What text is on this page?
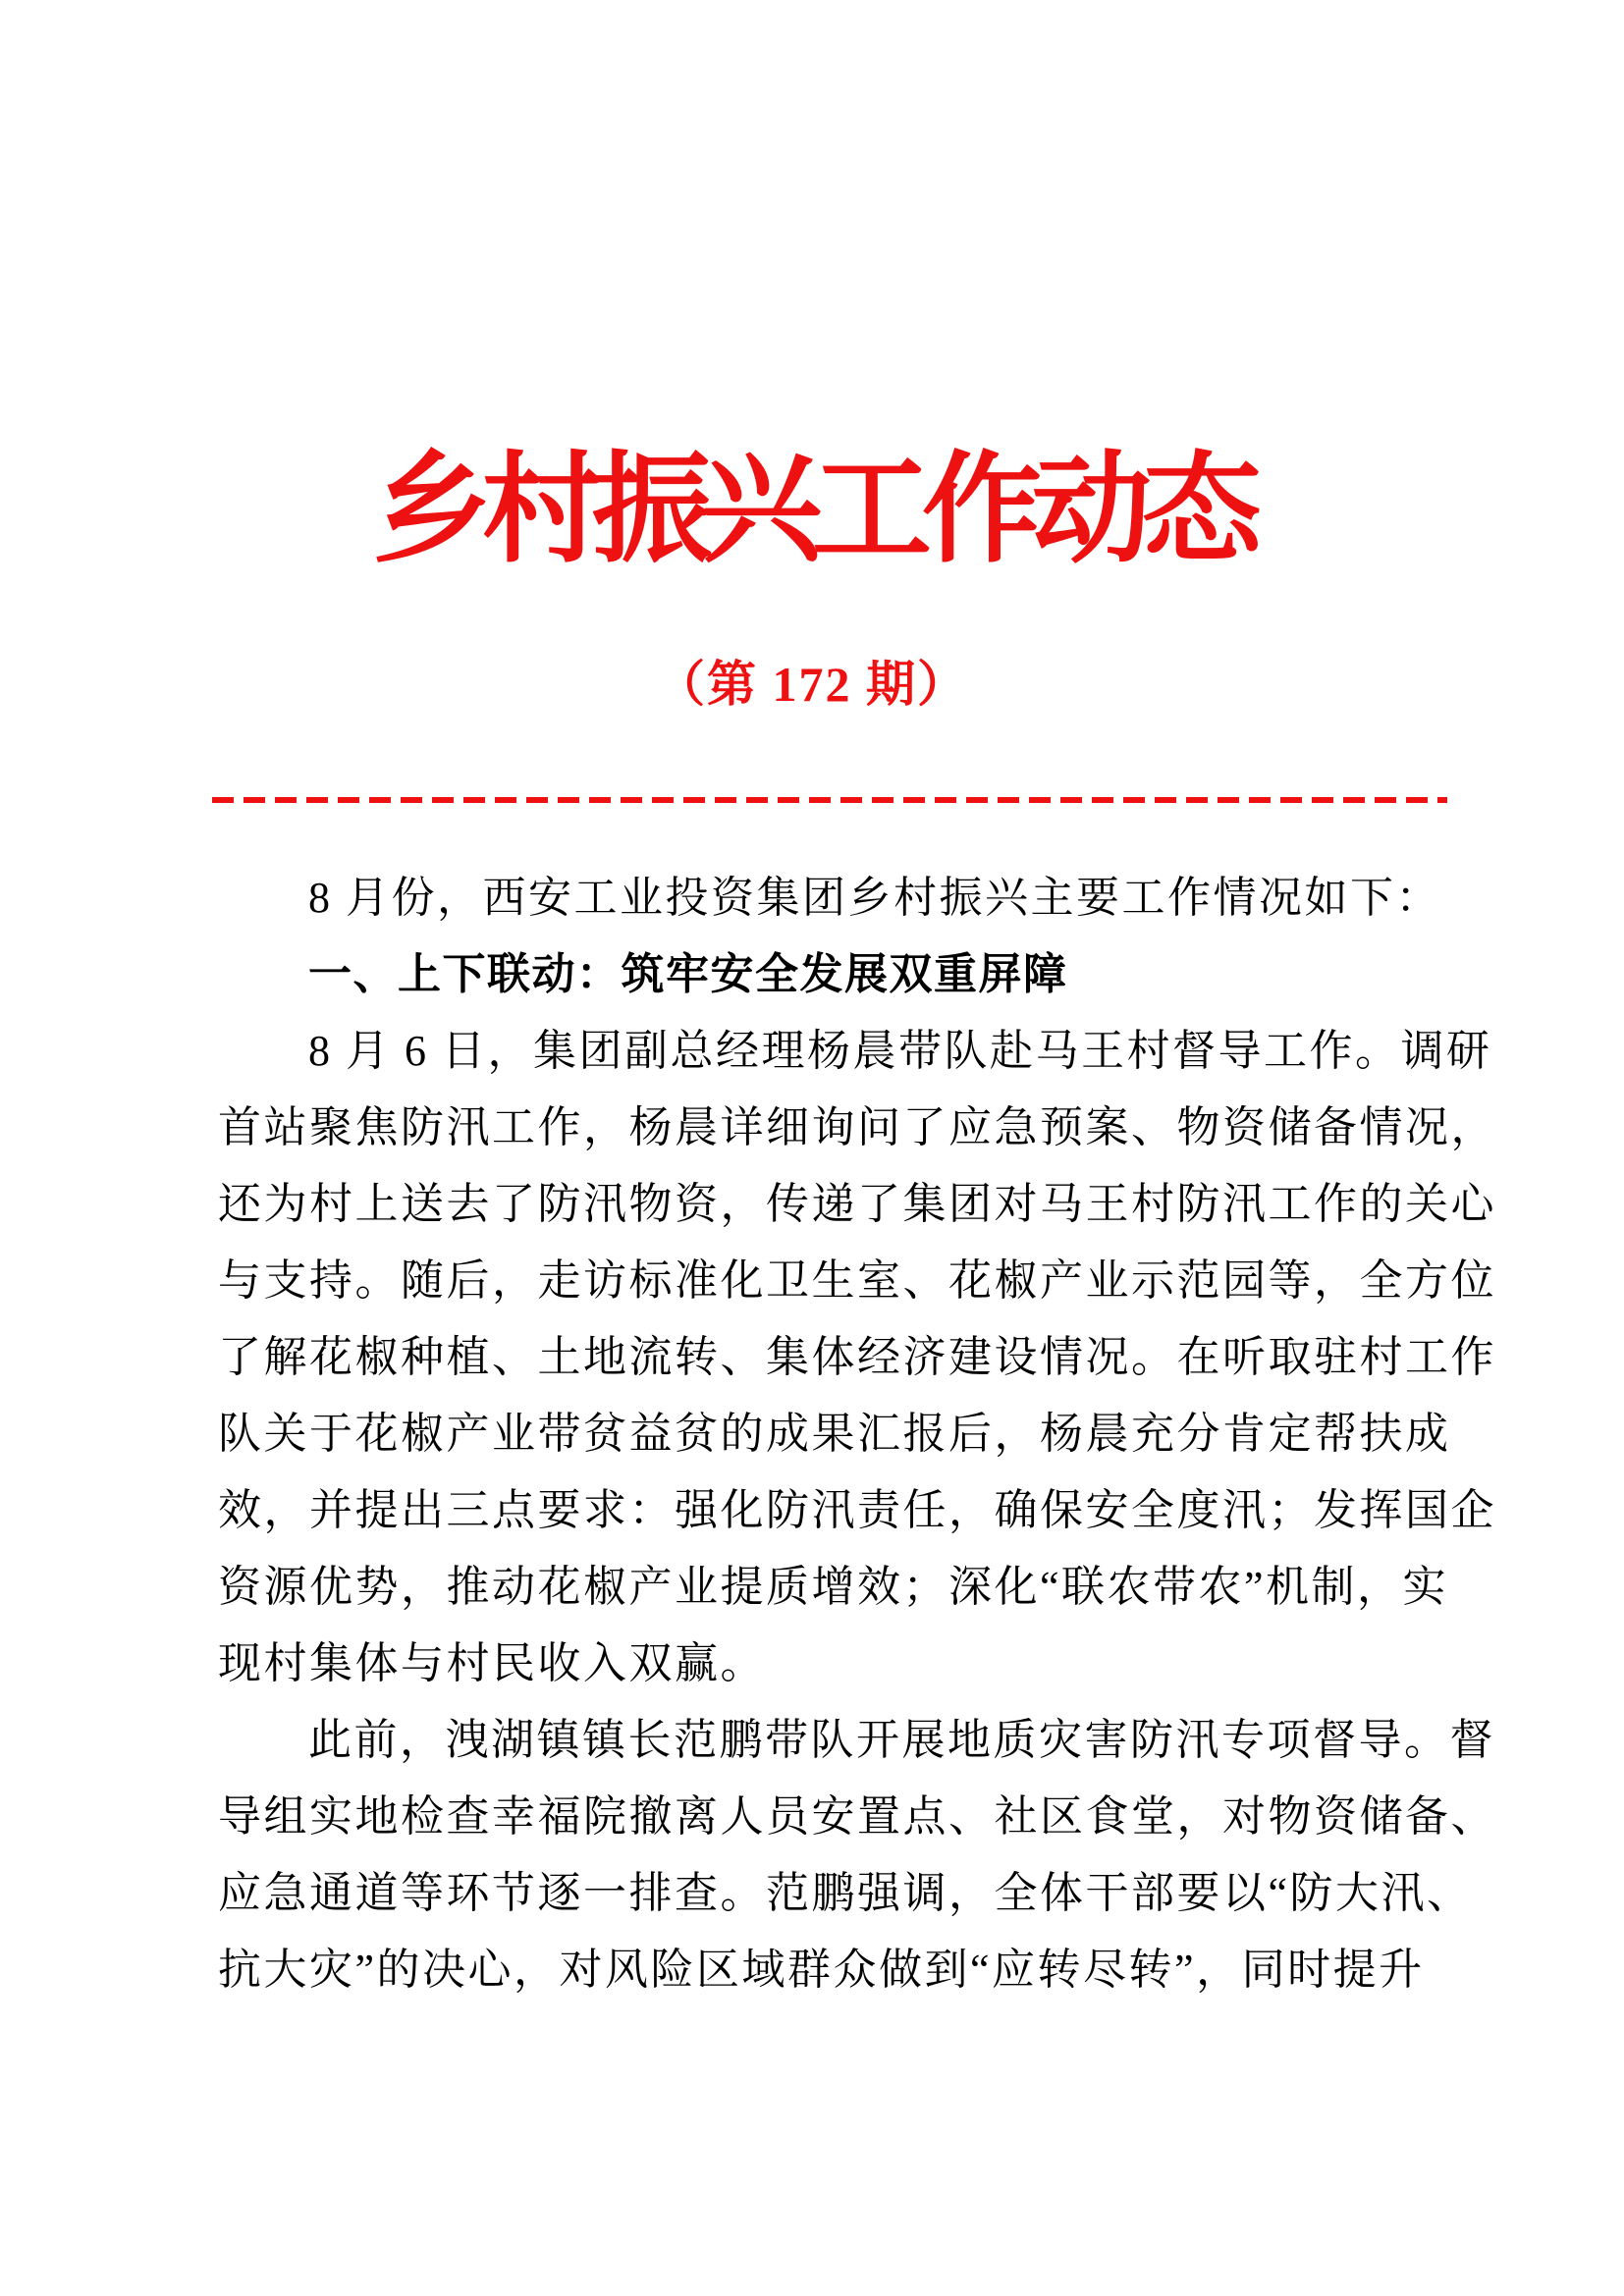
乡村振兴工作动态
（第 172 期）
8 月份，西安工业投资集团乡村振兴主要工作情况如下：
一、上下联动：筑牢安全发展双重屏障
8 月 6 日，集团副总经理杨晨带队赴马王村督导工作。调研
首站聚焦防汛工作，杨晨详细询问了应急预案、物资储备情况，
还为村上送去了防汛物资，传递了集团对马王村防汛工作的关心
与支持。随后，走访标准化卫生室、花椒产业示范园等，全方位
了解花椒种植、土地流转、集体经济建设情况。在听取驻村工作
队关于花椒产业带贫益贫的成果汇报后，杨晨充分肯定帮扶成
效，并提出三点要求：强化防汛责任，确保安全度汛；发挥国企
资源优势，推动花椒产业提质增效；深化“联农带农”机制，实
现村集体与村民收入双赢。
此前，洩湖镇镇长范鹏带队开展地质灾害防汛专项督导。督
导组实地检查幸福院撤离人员安置点、社区食堂，对物资储备、
应急通道等环节逐一排查。范鹏强调，全体干部要以“防大汛、
抗大灾”的决心，对风险区域群众做到“应转尽转”，同时提升
